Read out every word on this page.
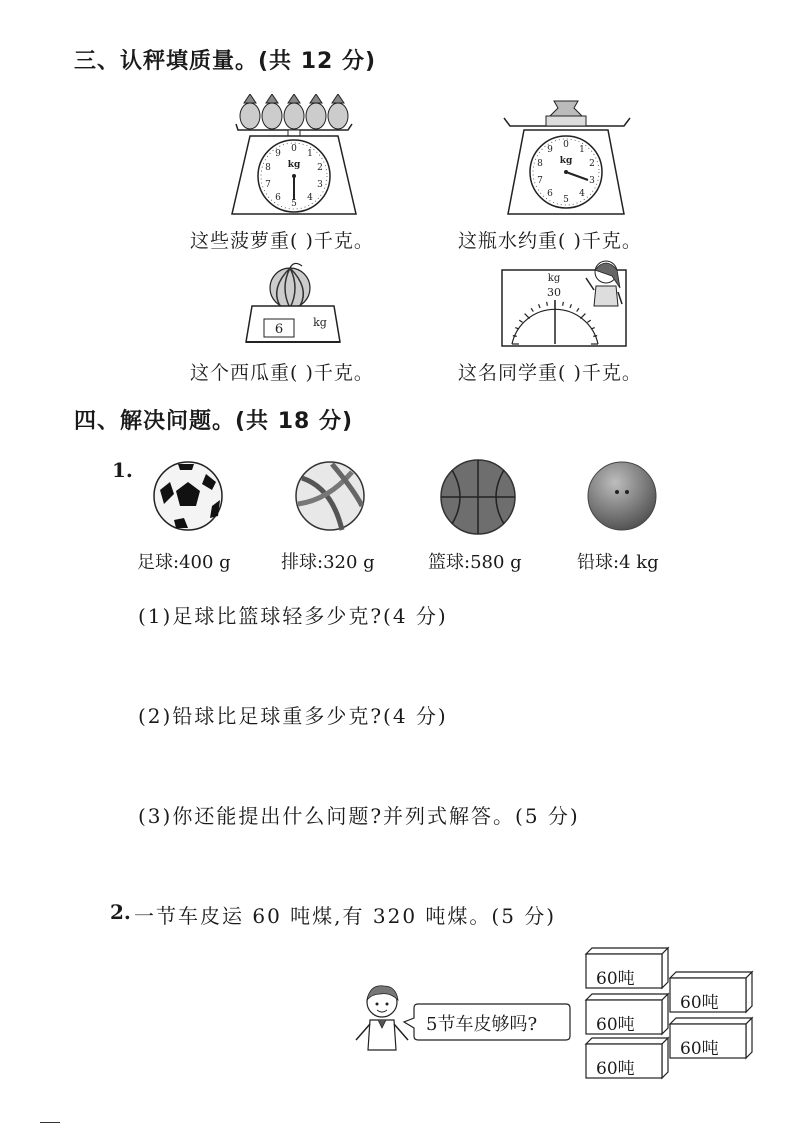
三、认秤填质量。(共 12 分)
0 1
2
3
4
5
6
7
8
9
kg
0 1
2
3
4
5
6
7
8
9
kg
这些菠萝重( )千克。	这瓶水约重( )千克。
6	kg
kg
30
这个西瓜重( )千克。	这名同学重( )千克。
四、解决问题。(共 18 分)
1.
足球:400 g	排球:320 g	篮球:580 g	铅球:4 kg
(1)足球比篮球轻多少克?(4 分)
(2)铅球比足球重多少克?(4 分)
(3)你还能提出什么问题?并列式解答。(5 分)
2. 一节车皮运 60 吨煤,有 320 吨煤。(5 分)
5节车皮够吗?
60吨
60吨
60吨
60吨
60吨
